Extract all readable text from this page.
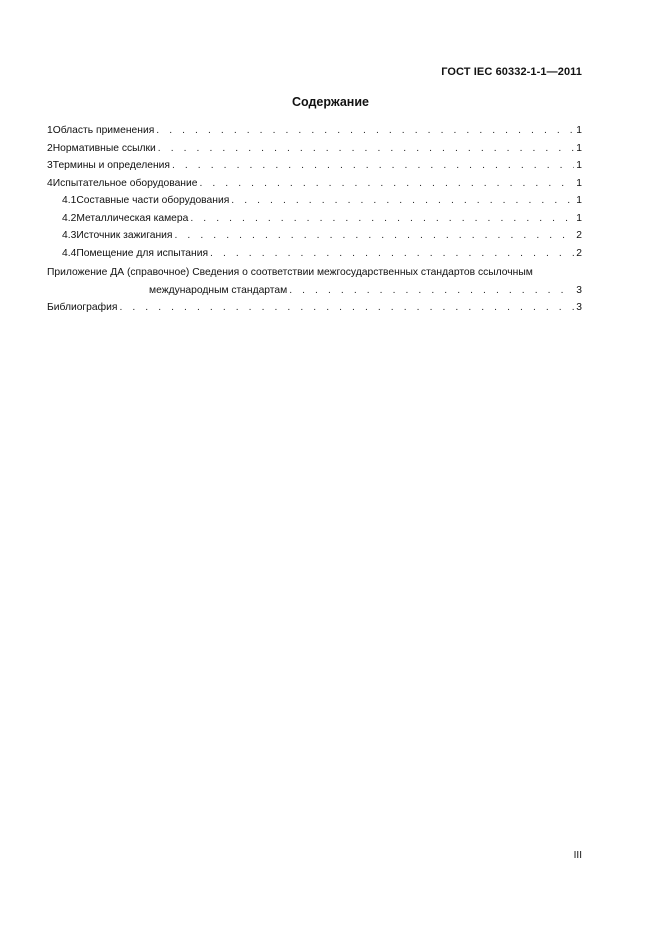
ГОСТ IEC 60332-1-1—2011
Содержание
1 Область применения . . .	1
2 Нормативные ссылки . . .	1
3 Термины и определения . . .	1
4 Испытательное оборудование . . .	1
4.1 Составные части оборудования . . .	1
4.2 Металлическая камера . . .	1
4.3 Источник зажигания . . .	2
4.4 Помещение для испытания . . .	2
Приложение ДА (справочное) Сведения о соответствии межгосударственных стандартов ссылочным
международным стандартам . . .	3
Библиография . . .	3
III
